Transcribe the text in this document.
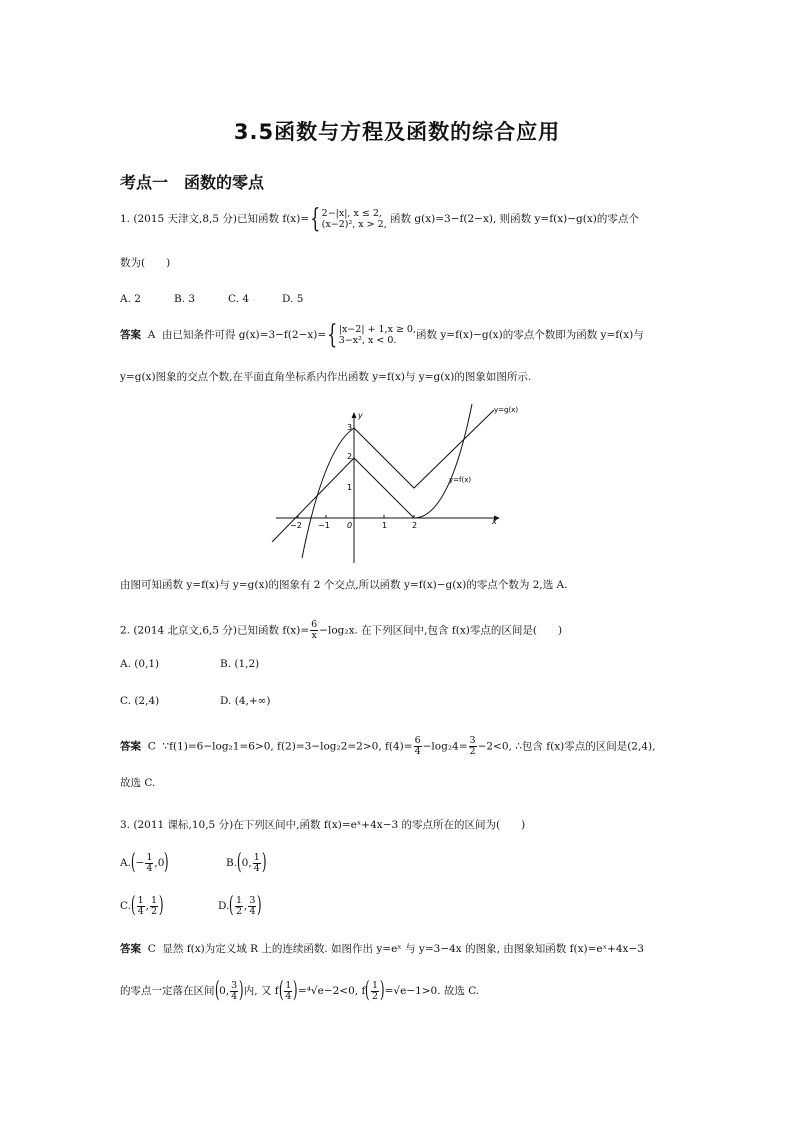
3.5函数与方程及函数的综合应用
考点一　函数的零点
1. (2015 天津文,8,5 分)已知函数 f(x)={2−|x|, x ≤ 2,
(x−2)², x > 2, 函数 g(x)=3−f(2−x), 则函数 y=f(x)−g(x)的零点个
数为(　　)
A. 2	B. 3	C. 4	D. 5
答案 A 由已知条件可得 g(x)=3−f(2−x)={|x−2| + 1,x ≥ 0,
3−x², x < 0. 函数 y=f(x)−g(x)的零点个数即为函数 y=f(x)与
y=g(x)图象的交点个数,在平面直角坐标系内作出函数 y=f(x)与 y=g(x)的图象如图所示.
x
y
−2 −1 0	1	2
1
2
3
y=g(x)
y=f(x)
由图可知函数 y=f(x)与 y=g(x)的图象有 2 个交点,所以函数 y=f(x)−g(x)的零点个数为 2,选 A.
2. (2014 北京文,6,5 分)已知函数 $f(x)= \frac{6}{x} -\log_2x$. 在下列区间中,包含 f(x)零点的区间是(　　)
A. (0,1)	B. (1,2)
C. (2,4)	D. (4,+∞)
答案 C ∵f(1)=6−log₂1=6>0, f(2)=3−log₂2=2>0, $f(4)= \frac{6}{4} -\log_24= \frac{3}{2} -2<0$, ∴包含 f(x)零点的区间是(2,4),
故选 C.
3. (2011 课标,10,5 分)在下列区间中,函数 f(x)=eˣ+4x−3 的零点所在的区间为(　　)
$A.(- \frac{1}{4} ,0)$	B.(0, $\frac{1}{4}$ )
$C.( \frac{1}{4}$ , $\frac{1}{2}$ )	$D.( \frac{1}{2}$ , $\frac{3}{4}$ )
答案 C 显然 f(x)为定义域 R 上的连续函数. 如图作出 y=eˣ 与 y=3−4x 的图象, 由图象知函数 f(x)=eˣ+4x−3
的零点一定落在区间(0, $\frac{3}{4}$ )内, 又 $f( \frac{1}{4} )=^4√e-2<0$, $f( \frac{1}{2} )=√e-1>0$. 故选 C.
